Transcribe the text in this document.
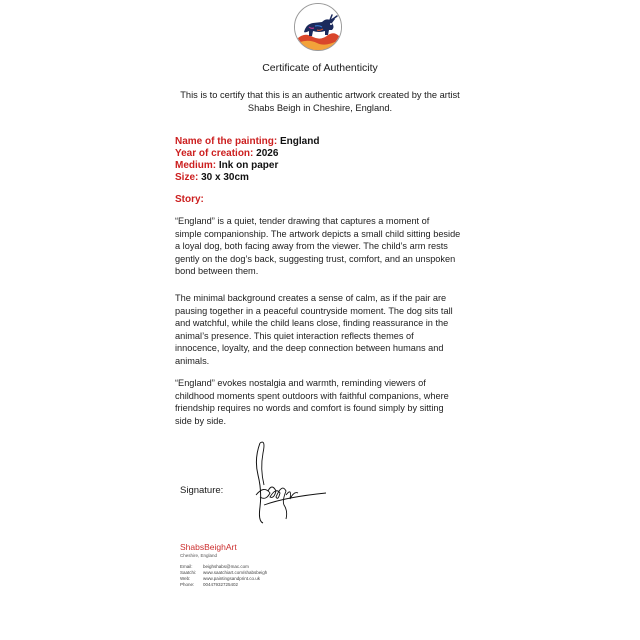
Certificate of Authenticity
This is to certify that this is an authentic artwork created by the artist
Shabs Beigh in Cheshire, England.
Name of the painting: England
Year of creation: 2026
Medium: Ink on paper
Size: 30 x 30cm
Story:
“England” is a quiet, tender drawing that captures a moment of
simple companionship. The artwork depicts a small child sitting beside
a loyal dog, both facing away from the viewer. The child’s arm rests
gently on the dog’s back, suggesting trust, comfort, and an unspoken
bond between them.
The minimal background creates a sense of calm, as if the pair are
pausing together in a peaceful countryside moment. The dog sits tall
and watchful, while the child leans close, finding reassurance in the
animal’s presence. This quiet interaction reflects themes of
innocence, loyalty, and the deep connection between humans and
animals.
“England” evokes nostalgia and warmth, reminding viewers of
childhood moments spent outdoors with faithful companions, where
friendship requires no words and comfort is found simply by sitting
side by side.
Signature:
ShabsBeighArt
Cheshire, England
Email: beighshabs@mac.com
Saatchi: www.saatchiart.com/shabsbeigh
Web:	www.paintingsandprint.co.uk
Phone: 00447932725402
